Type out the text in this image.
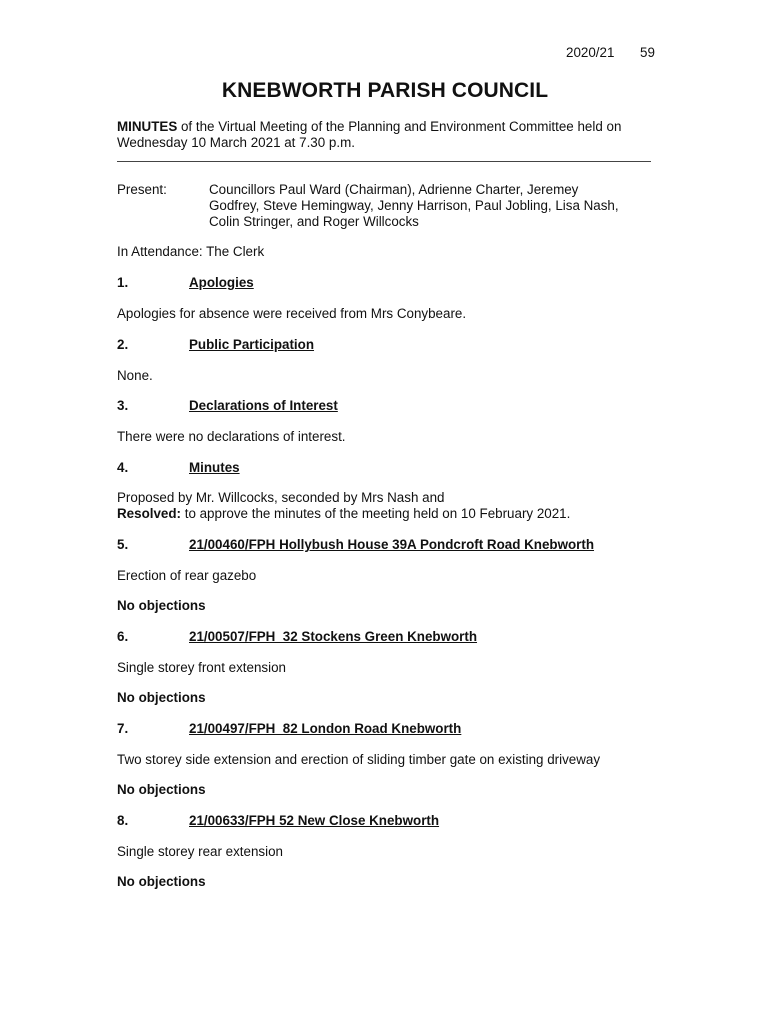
2020/21 59
KNEBWORTH PARISH COUNCIL
MINUTES of the Virtual Meeting of the Planning and Environment Committee held on Wednesday 10 March 2021 at 7.30 p.m.
Present:	Councillors Paul Ward (Chairman), Adrienne Charter, Jeremey
Godfrey, Steve Hemingway, Jenny Harrison, Paul Jobling, Lisa Nash,
Colin Stringer, and Roger Willcocks
In Attendance: The Clerk
1.	Apologies
Apologies for absence were received from Mrs Conybeare.
2.	Public Participation
None.
3.	Declarations of Interest
There were no declarations of interest.
4.	Minutes
Proposed by Mr. Willcocks, seconded by Mrs Nash and
Resolved: to approve the minutes of the meeting held on 10 February 2021.
5.	21/00460/FPH Hollybush House 39A Pondcroft Road Knebworth
Erection of rear gazebo
No objections
6.	21/00507/FPH  32 Stockens Green Knebworth
Single storey front extension
No objections
7.	21/00497/FPH  82 London Road Knebworth
Two storey side extension and erection of sliding timber gate on existing driveway
No objections
8.	21/00633/FPH 52 New Close Knebworth
Single storey rear extension
No objections
